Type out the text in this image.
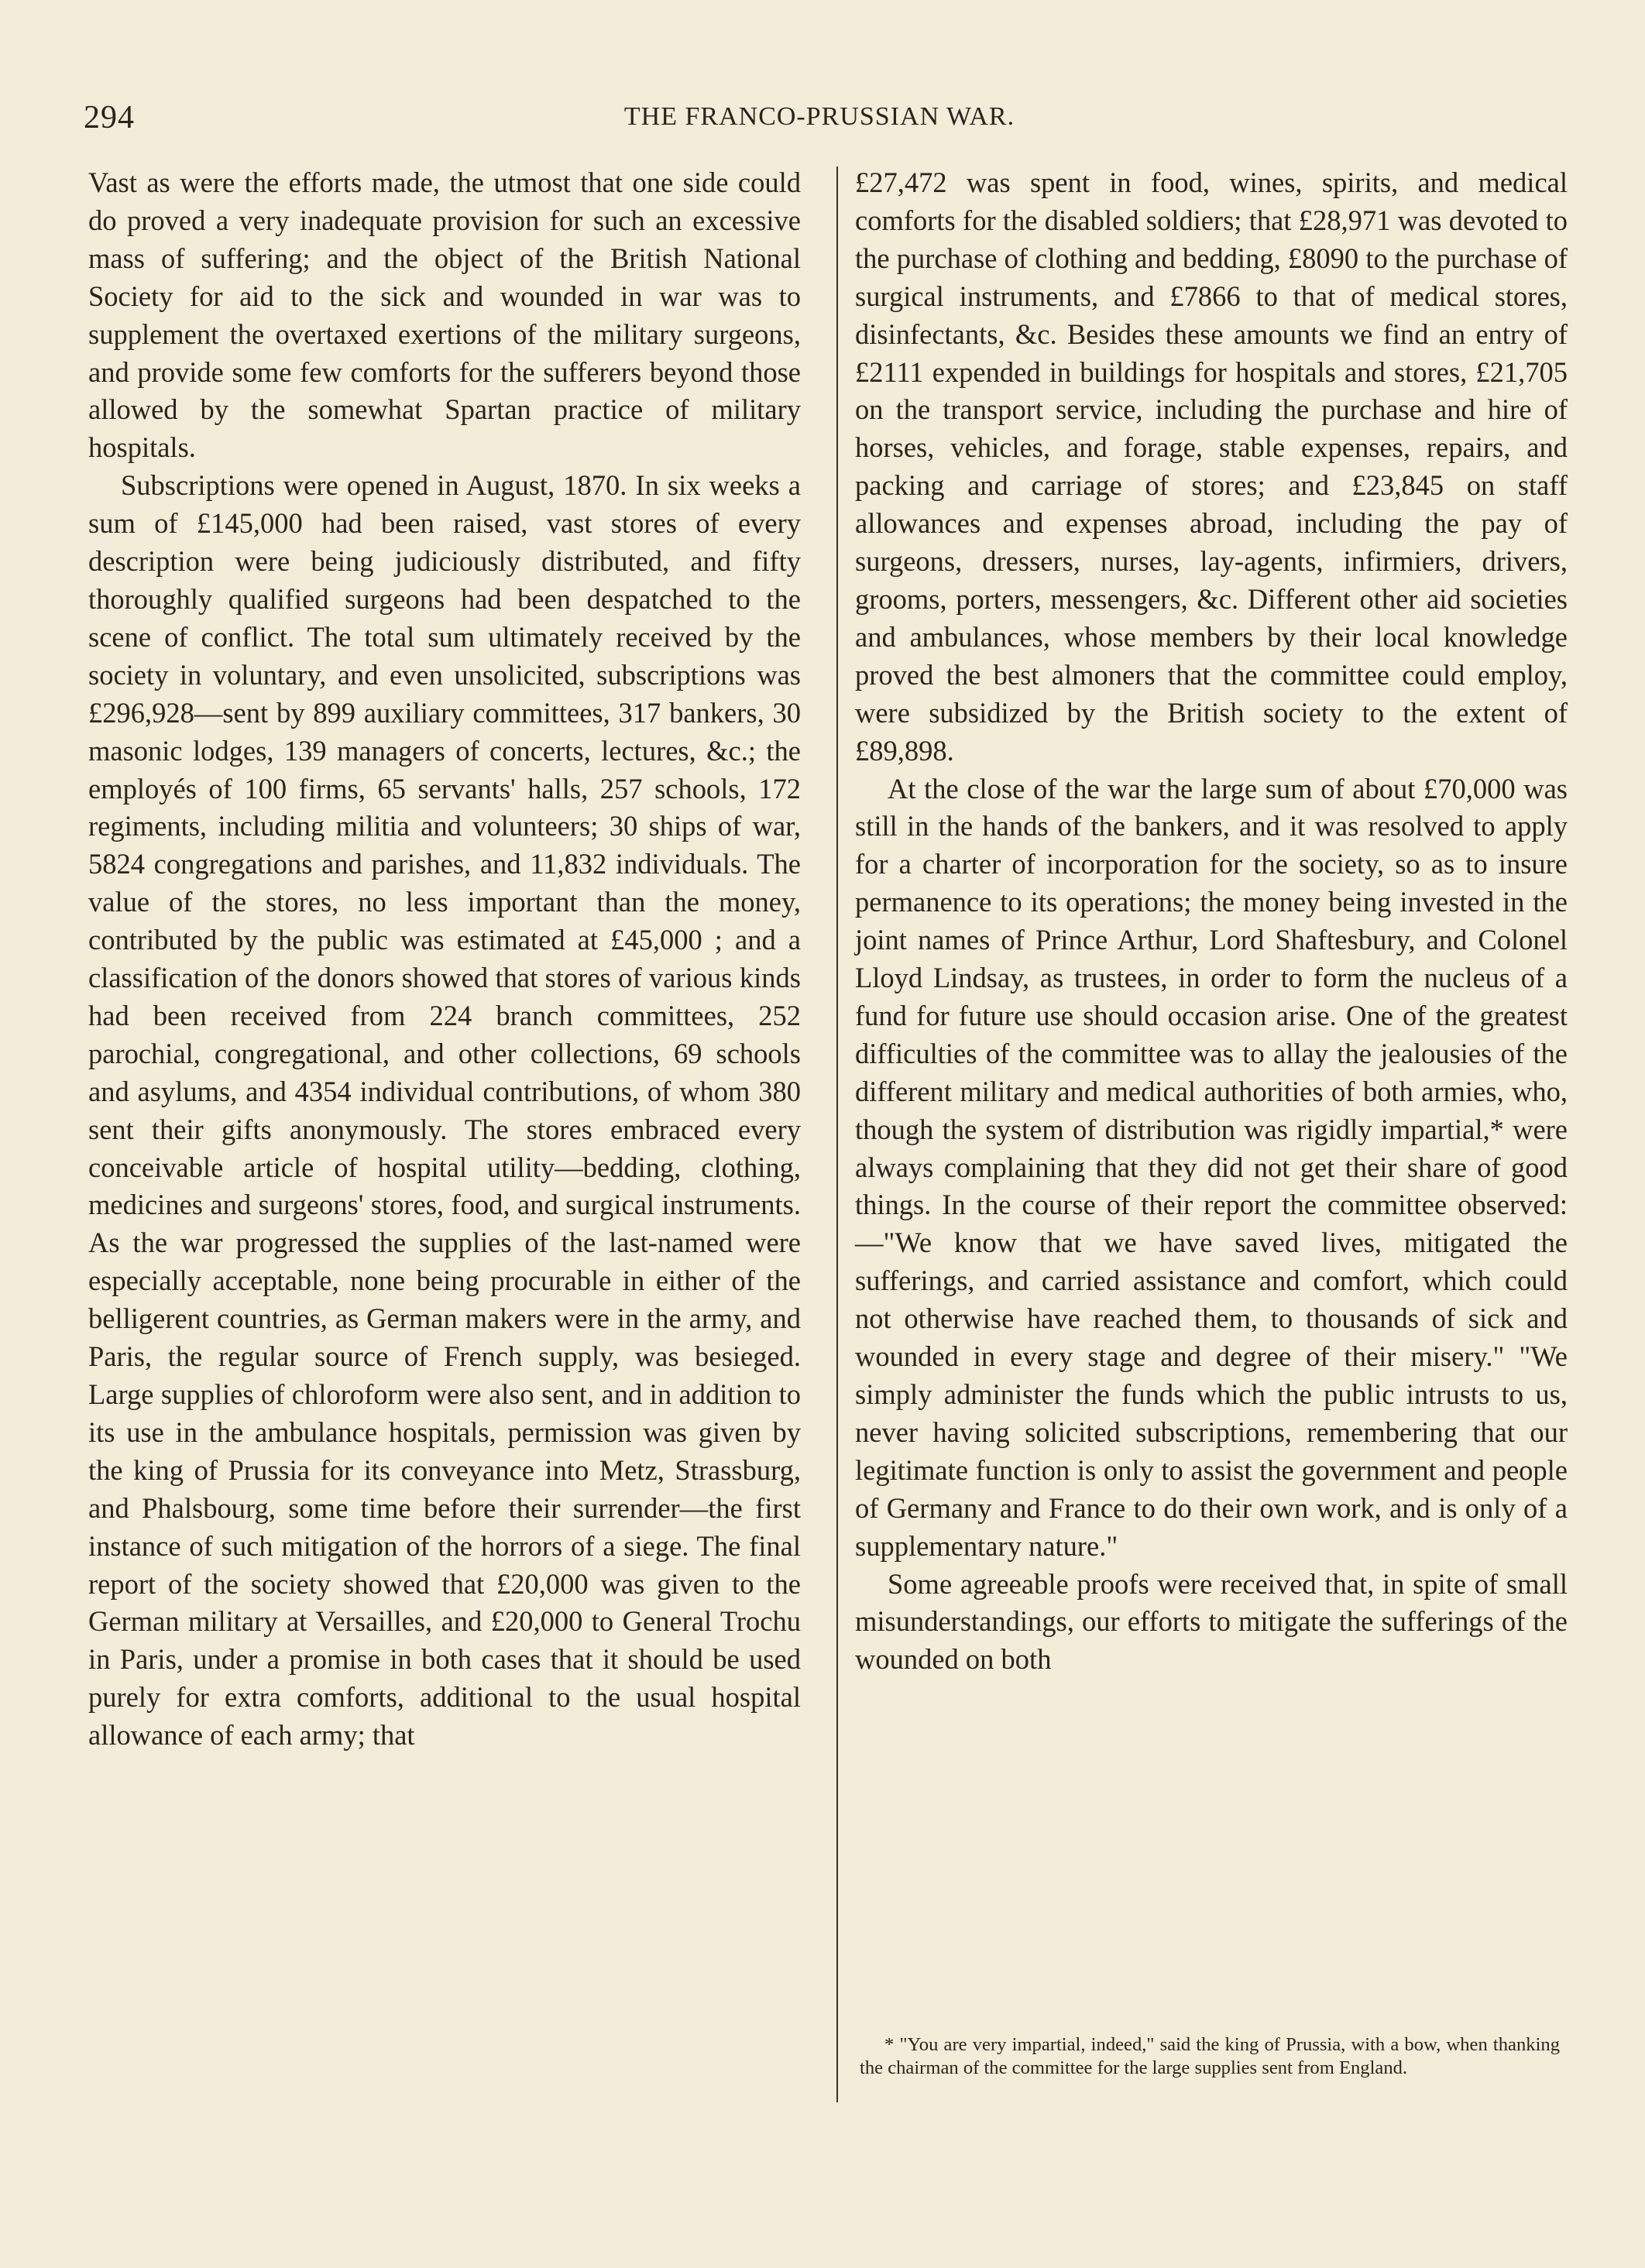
294	THE FRANCO-PRUSSIAN WAR.

Vast as were the efforts made, the utmost that one side could do proved a very inadequate provision for such an excessive mass of suffering; and the object of the British National Society for aid to the sick and wounded in war was to supplement the overtaxed exertions of the military surgeons, and provide some few comforts for the sufferers beyond those allowed by the somewhat Spartan practice of military hospitals.

Subscriptions were opened in August, 1870. In six weeks a sum of £145,000 had been raised, vast stores of every description were being judiciously distributed, and fifty thoroughly qualified surgeons had been despatched to the scene of conflict. The total sum ultimately received by the society in voluntary, and even unsolicited, subscriptions was £296,928—sent by 899 auxiliary committees, 317 bankers, 30 masonic lodges, 139 managers of concerts, lectures, &c.; the employés of 100 firms, 65 servants' halls, 257 schools, 172 regiments, including militia and volunteers; 30 ships of war, 5824 congregations and parishes, and 11,832 individuals. The value of the stores, no less important than the money, contributed by the public was estimated at £45,000 ; and a classification of the donors showed that stores of various kinds had been received from 224 branch committees, 252 parochial, congregational, and other collections, 69 schools and asylums, and 4354 individual contributions, of whom 380 sent their gifts anonymously. The stores embraced every conceivable article of hospital utility—bedding, clothing, medicines and surgeons' stores, food, and surgical instruments. As the war progressed the supplies of the last-named were especially acceptable, none being procurable in either of the belligerent countries, as German makers were in the army, and Paris, the regular source of French supply, was besieged. Large supplies of chloroform were also sent, and in addition to its use in the ambulance hospitals, permission was given by the king of Prussia for its conveyance into Metz, Strassburg, and Phalsbourg, some time before their surrender—the first instance of such mitigation of the horrors of a siege. The final report of the society showed that £20,000 was given to the German military at Versailles, and £20,000 to General Trochu in Paris, under a promise in both cases that it should be used purely for extra comforts, additional to the usual hospital allowance of each army; that

£27,472 was spent in food, wines, spirits, and medical comforts for the disabled soldiers; that £28,971 was devoted to the purchase of clothing and bedding, £8090 to the purchase of surgical instruments, and £7866 to that of medical stores, disinfectants, &c. Besides these amounts we find an entry of £2111 expended in buildings for hospitals and stores, £21,705 on the transport service, including the purchase and hire of horses, vehicles, and forage, stable expenses, repairs, and packing and carriage of stores; and £23,845 on staff allowances and expenses abroad, including the pay of surgeons, dressers, nurses, lay-agents, infirmiers, drivers, grooms, porters, messengers, &c. Different other aid societies and ambulances, whose members by their local knowledge proved the best almoners that the committee could employ, were subsidized by the British society to the extent of £89,898.

At the close of the war the large sum of about £70,000 was still in the hands of the bankers, and it was resolved to apply for a charter of incorporation for the society, so as to insure permanence to its operations; the money being invested in the joint names of Prince Arthur, Lord Shaftesbury, and Colonel Lloyd Lindsay, as trustees, in order to form the nucleus of a fund for future use should occasion arise. One of the greatest difficulties of the committee was to allay the jealousies of the different military and medical authorities of both armies, who, though the system of distribution was rigidly impartial,* were always complaining that they did not get their share of good things. In the course of their report the committee observed:—"We know that we have saved lives, mitigated the sufferings, and carried assistance and comfort, which could not otherwise have reached them, to thousands of sick and wounded in every stage and degree of their misery." "We simply administer the funds which the public intrusts to us, never having solicited subscriptions, remembering that our legitimate function is only to assist the government and people of Germany and France to do their own work, and is only of a supplementary nature."

Some agreeable proofs were received that, in spite of small misunderstandings, our efforts to mitigate the sufferings of the wounded on both

* "You are very impartial, indeed," said the king of Prussia, with a bow, when thanking the chairman of the committee for the large supplies sent from England.
